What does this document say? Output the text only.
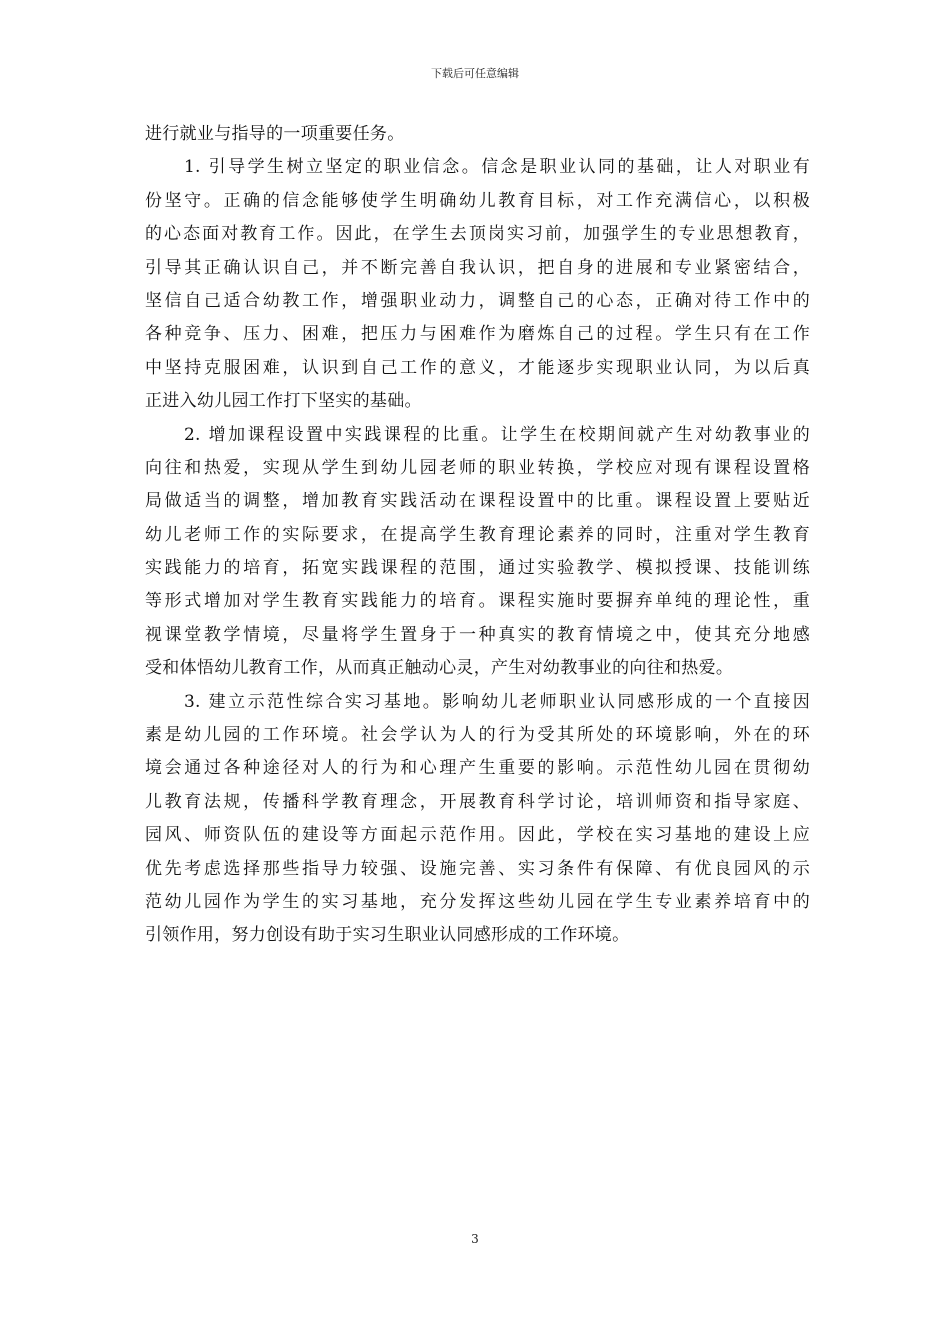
下载后可任意编辑
进行就业与指导的一项重要任务。
　　1. 引导学生树立坚定的职业信念。信念是职业认同的基础，让人对职业有
份坚守。正确的信念能够使学生明确幼儿教育目标，对工作充满信心，以积极
的心态面对教育工作。因此，在学生去顶岗实习前，加强学生的专业思想教育，
引导其正确认识自己，并不断完善自我认识，把自身的进展和专业紧密结合，
坚信自己适合幼教工作，增强职业动力，调整自己的心态，正确对待工作中的
各种竞争、压力、困难，把压力与困难作为磨炼自己的过程。学生只有在工作
中坚持克服困难，认识到自己工作的意义，才能逐步实现职业认同，为以后真
正进入幼儿园工作打下坚实的基础。
　　2. 增加课程设置中实践课程的比重。让学生在校期间就产生对幼教事业的
向往和热爱，实现从学生到幼儿园老师的职业转换，学校应对现有课程设置格
局做适当的调整，增加教育实践活动在课程设置中的比重。课程设置上要贴近
幼儿老师工作的实际要求，在提高学生教育理论素养的同时，注重对学生教育
实践能力的培育，拓宽实践课程的范围，通过实验教学、模拟授课、技能训练
等形式增加对学生教育实践能力的培育。课程实施时要摒弃单纯的理论性，重
视课堂教学情境，尽量将学生置身于一种真实的教育情境之中，使其充分地感
受和体悟幼儿教育工作，从而真正触动心灵，产生对幼教事业的向往和热爱。
　　3. 建立示范性综合实习基地。影响幼儿老师职业认同感形成的一个直接因
素是幼儿园的工作环境。社会学认为人的行为受其所处的环境影响，外在的环
境会通过各种途径对人的行为和心理产生重要的影响。示范性幼儿园在贯彻幼
儿教育法规，传播科学教育理念，开展教育科学讨论，培训师资和指导家庭、
园风、师资队伍的建设等方面起示范作用。因此，学校在实习基地的建设上应
优先考虑选择那些指导力较强、设施完善、实习条件有保障、有优良园风的示
范幼儿园作为学生的实习基地，充分发挥这些幼儿园在学生专业素养培育中的
引领作用，努力创设有助于实习生职业认同感形成的工作环境。
3
